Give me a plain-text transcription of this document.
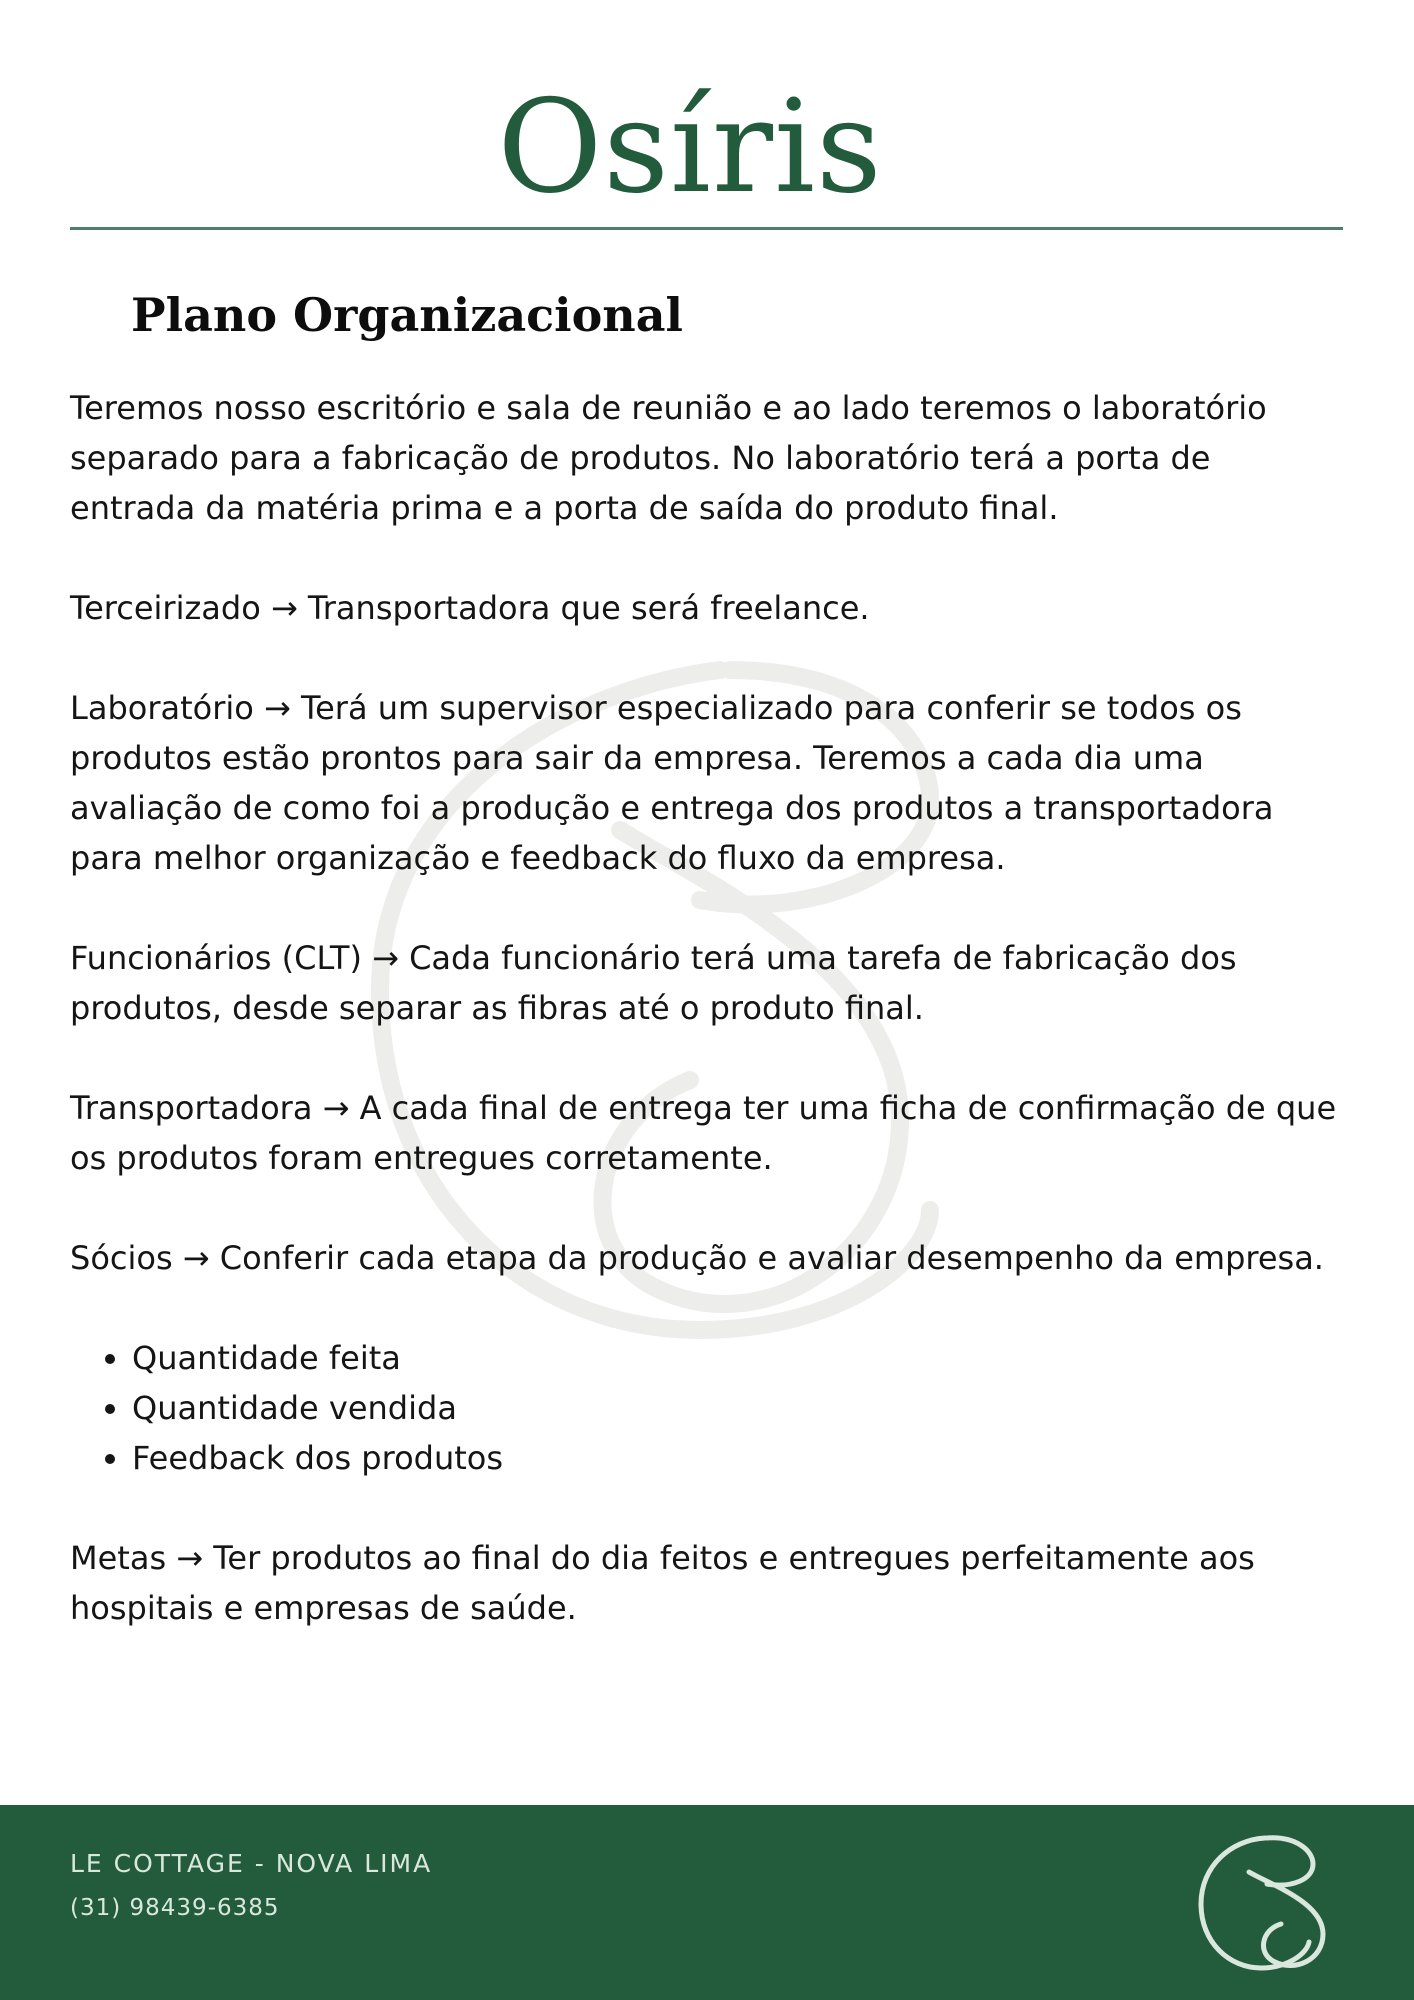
Osíris
Plano Organizacional

Teremos nosso escritório e sala de reunião e ao lado teremos o laboratório separado para a fabricação de produtos. No laboratório terá a porta de entrada da matéria prima e a porta de saída do produto final.

Terceirizado → Transportadora que será freelance.

Laboratório → Terá um supervisor especializado para conferir se todos os produtos estão prontos para sair da empresa. Teremos a cada dia uma avaliação de como foi a produção e entrega dos produtos a transportadora para melhor organização e feedback do fluxo da empresa.

Funcionários (CLT) → Cada funcionário terá uma tarefa de fabricação dos produtos, desde separar as fibras até o produto final.

Transportadora → A cada final de entrega ter uma ficha de confirmação de que os produtos foram entregues corretamente.

Sócios → Conferir cada etapa da produção e avaliar desempenho da empresa.

• Quantidade feita
• Quantidade vendida
• Feedback dos produtos

Metas → Ter produtos ao final do dia feitos e entregues perfeitamente aos hospitais e empresas de saúde.

LE COTTAGE - NOVA LIMA
(31) 98439-6385
